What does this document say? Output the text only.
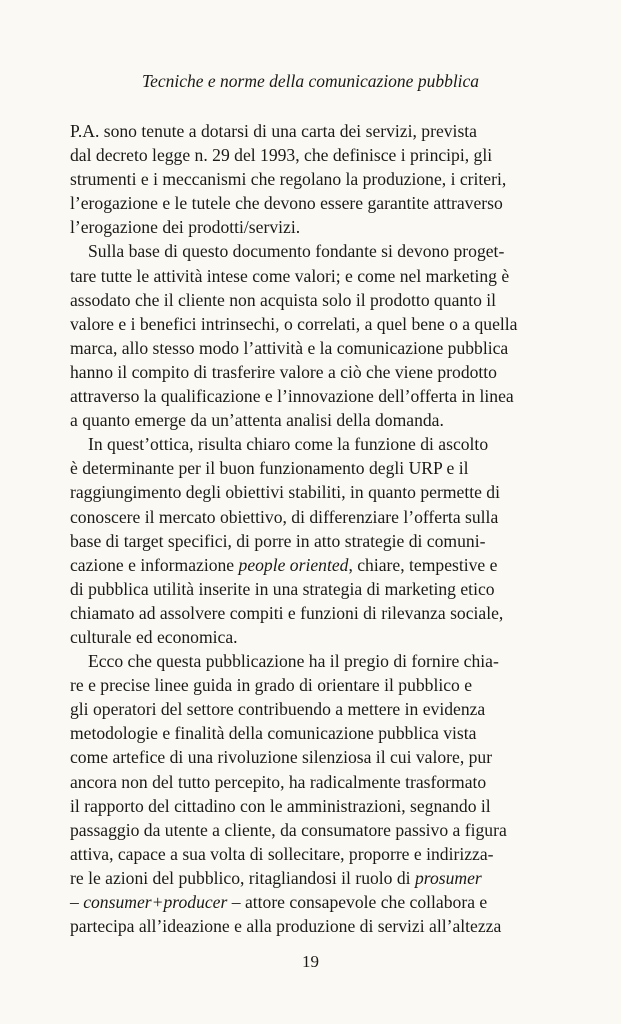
Tecniche e norme della comunicazione pubblica
P.A. sono tenute a dotarsi di una carta dei servizi, prevista
dal decreto legge n. 29 del 1993, che definisce i principi, gli
strumenti e i meccanismi che regolano la produzione, i criteri,
l’erogazione e le tutele che devono essere garantite attraverso
l’erogazione dei prodotti/servizi.
Sulla base di questo documento fondante si devono proget-
tare tutte le attività intese come valori; e come nel marketing è
assodato che il cliente non acquista solo il prodotto quanto il
valore e i benefici intrinsechi, o correlati, a quel bene o a quella
marca, allo stesso modo l’attività e la comunicazione pubblica
hanno il compito di trasferire valore a ciò che viene prodotto
attraverso la qualificazione e l’innovazione dell’offerta in linea
a quanto emerge da un’attenta analisi della domanda.
In quest’ottica, risulta chiaro come la funzione di ascolto
è determinante per il buon funzionamento degli URP e il
raggiungimento degli obiettivi stabiliti, in quanto permette di
conoscere il mercato obiettivo, di differenziare l’offerta sulla
base di target specifici, di porre in atto strategie di comuni-
cazione e informazione people oriented, chiare, tempestive e
di pubblica utilità inserite in una strategia di marketing etico
chiamato ad assolvere compiti e funzioni di rilevanza sociale,
culturale ed economica.
Ecco che questa pubblicazione ha il pregio di fornire chia-
re e precise linee guida in grado di orientare il pubblico e
gli operatori del settore contribuendo a mettere in evidenza
metodologie e finalità della comunicazione pubblica vista
come artefice di una rivoluzione silenziosa il cui valore, pur
ancora non del tutto percepito, ha radicalmente trasformato
il rapporto del cittadino con le amministrazioni, segnando il
passaggio da utente a cliente, da consumatore passivo a figura
attiva, capace a sua volta di sollecitare, proporre e indirizza-
re le azioni del pubblico, ritagliandosi il ruolo di prosumer
– consumer+producer – attore consapevole che collabora e
partecipa all’ideazione e alla produzione di servizi all’altezza
19
